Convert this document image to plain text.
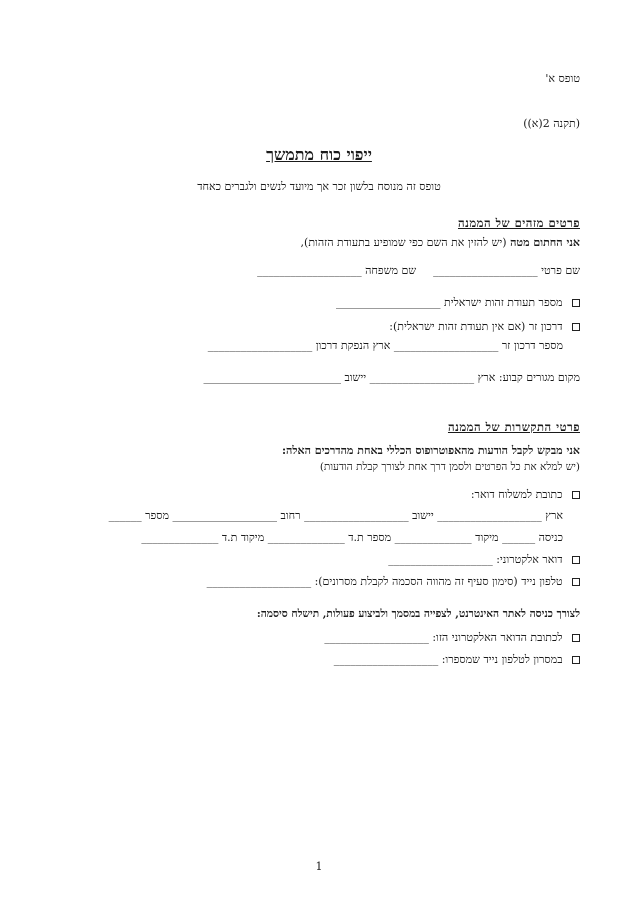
טופס א'
(תקנה 2(א))
ייפוי כוח מתמשך
טופס זה מנוסח בלשון זכר אך מיועד לנשים ולגברים כאחד
פרטים מזהים של הממנה
אני החתום מטה (יש להזין את השם כפי שמופיע בתעודת הזהות),
שם פרטי ___________________  שם משפחה ___________________
מספר תעודת זהות ישראלית ___________________
דרכון זר (אם אין תעודת זהות ישראלית):
מספר דרכון זר ___________________ ארץ הנפקת דרכון ___________________
מקום מגורים קבוע: ארץ ___________________ יישוב _________________________
פרטי התקשרות של הממנה
אני מבקש לקבל הודעות מהאפוטרופוס הכללי באחת מהדרכים האלה:
(יש למלא את כל הפרטים ולסמן דרך אחת לצורך קבלת הודעות)
כתובת למשלוח דואר:
ארץ ___________________ יישוב ___________________ רחוב ___________________ מספר ______
כניסה ______ מיקוד ______________ מספר ת.ד ______________ מיקוד ת.ד ______________
דואר אלקטרוני: ___________________
טלפון נייד (סימון סעיף זה מהווה הסכמה לקבלת מסרונים): ___________________
לצורך כניסה לאתר האינטרנט, לצפייה במסמך ולביצוע פעולות, תישלח סיסמה:
לכתובת הדואר האלקטרוני הזו: ___________________
במסרון לטלפון נייד שמספרו: ___________________
1
